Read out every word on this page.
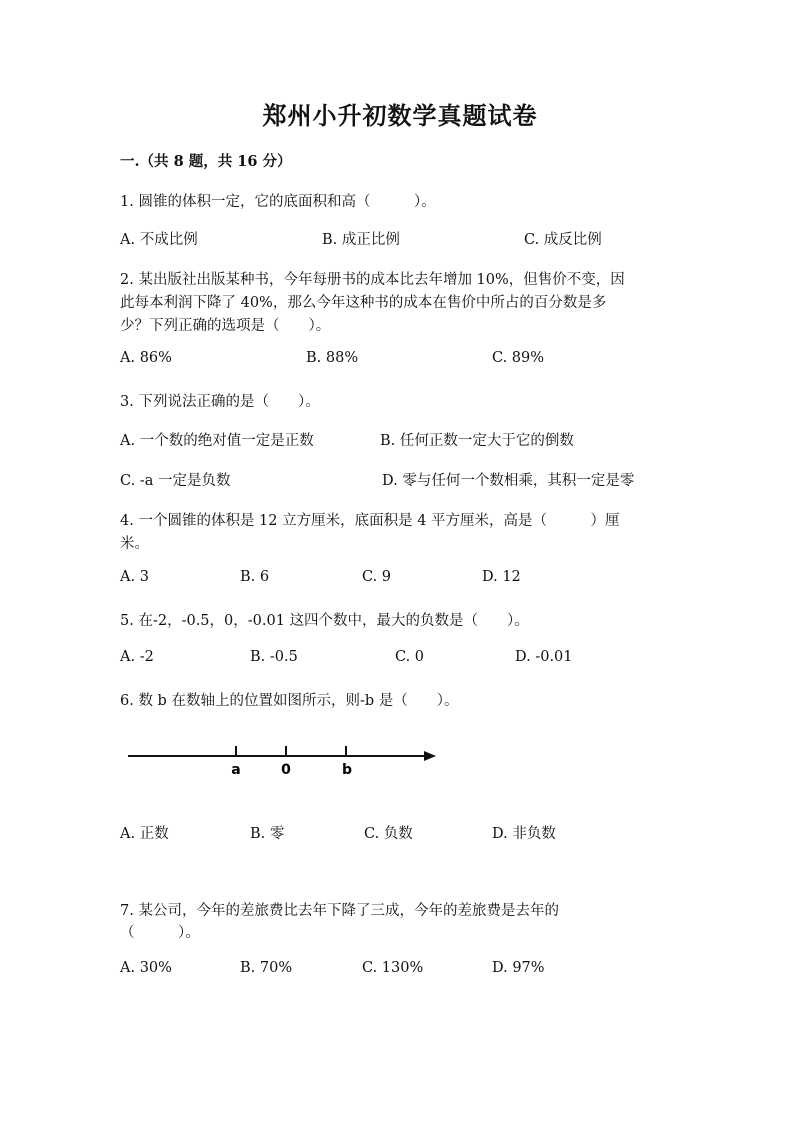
郑州小升初数学真题试卷
一.（共 8 题，共 16 分）
1. 圆锥的体积一定，它的底面积和高（　　　）。
A. 不成比例	B. 成正比例	C. 成反比例
2. 某出版社出版某种书，今年每册书的成本比去年增加 10%，但售价不变，因
此每本利润下降了 40%，那么今年这种书的成本在售价中所占的百分数是多
少？下列正确的选项是（　　）。
A. 86%	B. 88%	C. 89%
3. 下列说法正确的是（　　）。
A. 一个数的绝对值一定是正数	B. 任何正数一定大于它的倒数
C. -a 一定是负数	D. 零与任何一个数相乘，其积一定是零
4. 一个圆锥的体积是 12 立方厘米，底面积是 4 平方厘米，高是（　　　）厘
米。
A. 3	B. 6	C. 9	D. 12
5. 在-2，-0.5，0，-0.01 这四个数中，最大的负数是（　　）。
A. -2	B. -0.5	C. 0	D. -0.01
6. 数 b 在数轴上的位置如图所示，则-b 是（　　）。
a	0	b
A. 正数	B. 零	C. 负数	D. 非负数
7. 某公司，今年的差旅费比去年下降了三成，今年的差旅费是去年的
（　　　）。
A. 30%	B. 70%	C. 130%	D. 97%
